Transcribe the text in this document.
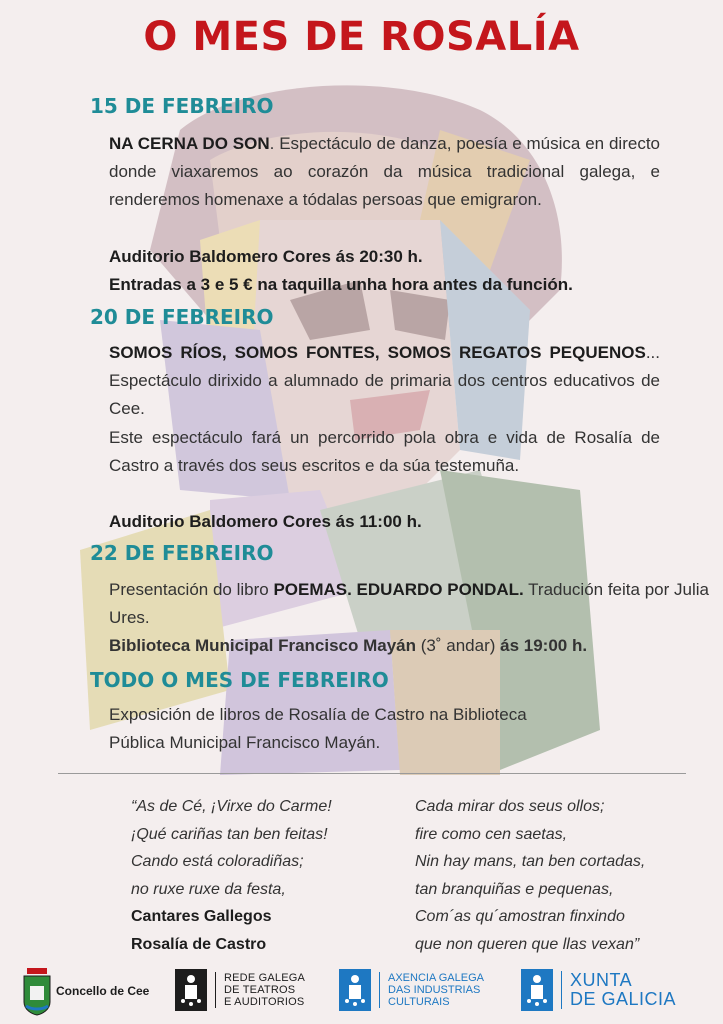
O MES DE ROSALÍA
15 DE FEBREIRO
NA CERNA DO SON. Espectáculo de danza, poesía e música en directo donde viaxaremos ao corazón da música tradicional galega, e renderemos homenaxe a tódalas persoas que emigraron.
Auditorio Baldomero Cores ás 20:30 h.
Entradas a 3 e 5 € na taquilla unha hora antes da función.
20 DE FEBREIRO
SOMOS RÍOS, SOMOS FONTES, SOMOS REGATOS PEQUENOS... Espectáculo dirixido a alumnado de primaria dos centros educativos de Cee.
Este espectáculo fará un percorrido pola obra e vida de Rosalía de Castro a través dos seus escritos e da súa testemuña.
Auditorio Baldomero Cores ás 11:00 h.
22 DE FEBREIRO
Presentación do libro POEMAS. EDUARDO PONDAL. Tradución feita por Julia Ures.
Biblioteca Municipal Francisco Mayán (3˚ andar) ás 19:00 h.
TODO O MES DE FEBREIRO
Exposición de libros de Rosalía de Castro na Biblioteca
Pública Municipal Francisco Mayán.
“As de Cé, ¡Virxe do Carme!
¡Qué cariñas tan ben feitas!
Cando está coloradiñas;
no ruxe ruxe da festa,
Cantares Gallegos
Rosalía de Castro
Cada mirar dos seus ollos;
fire como cen saetas,
Nin hay mans, tan ben cortadas,
tan branquiñas e pequenas,
Com´as qu´amostran finxindo
que non queren que llas vexan”
Concello de Cee
REDE GALEGA
DE TEATROS
E AUDITORIOS
AXENCIA GALEGA
DAS INDUSTRIAS
CULTURAIS
XUNTA
DE GALICIA
